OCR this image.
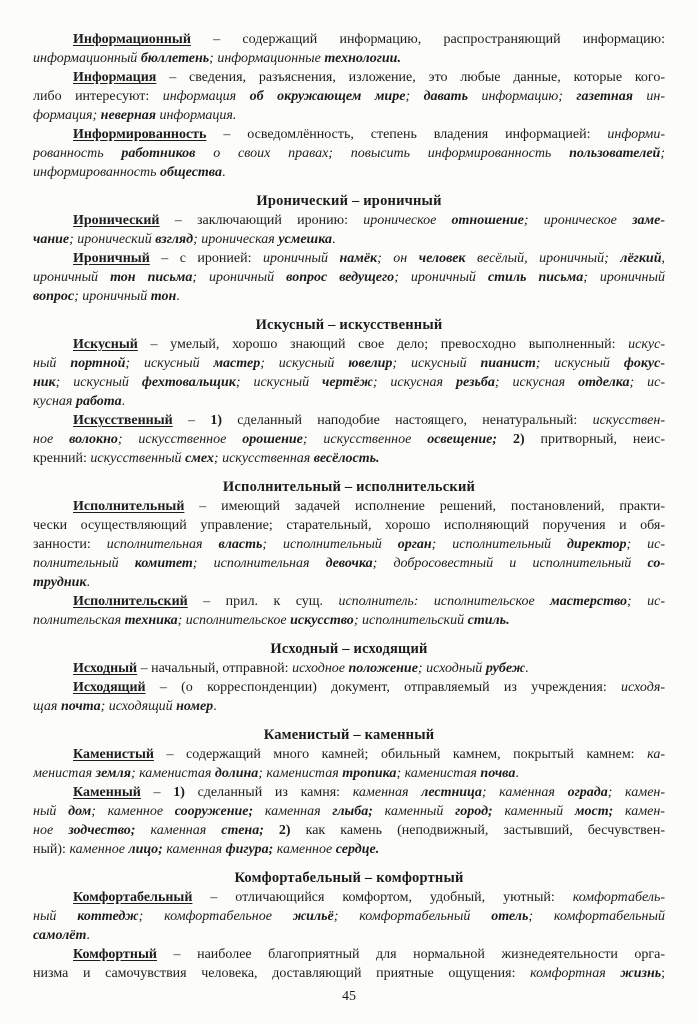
Информационный – содержащий информацию, распространяющий информацию:
информационный бюллетень; информационные технологии.
Информация – сведения, разъяснения, изложение, это любые данные, которые кого-
либо интересуют: информация об окружающем мире; давать информацию; газетная ин-
формация; неверная информация.
Информированность – осведомлённость, степень владения информацией: информи-
рованность работников о своих правах; повысить информированность пользователей;
информированность общества.
Иронический – ироничный
Иронический – заключающий иронию: ироническое отношение; ироническое заме-
чание; иронический взгляд; ироническая усмешка.
Ироничный – с иронией: ироничный намёк; он человек весёлый, ироничный; лёгкий,
ироничный тон письма; ироничный вопрос ведущего; ироничный стиль письма; ироничный
вопрос; ироничный тон.
Искусный – искусственный
Искусный – умелый, хорошо знающий свое дело; превосходно выполненный: искус-
ный портной; искусный мастер; искусный ювелир; искусный пианист; искусный фокус-
ник; искусный фехтовальщик; искусный чертёж; искусная резьба; искусная отделка; ис-
кусная работа.
Искусственный – 1) сделанный наподобие настоящего, ненатуральный: искусствен-
ное волокно; искусственное орошение; искусственное освещение; 2) притворный, неис-
кренний: искусственный смех; искусственная весёлость.
Исполнительный – исполнительский
Исполнительный – имеющий задачей исполнение решений, постановлений, практи-
чески осуществляющий управление; старательный, хорошо исполняющий поручения и обя-
занности: исполнительная власть; исполнительный орган; исполнительный директор; ис-
полнительный комитет; исполнительная девочка; добросовестный и исполнительный со-
трудник.
Исполнительский – прил. к сущ. исполнитель: исполнительское мастерство; ис-
полнительская техника; исполнительское искусство; исполнительский стиль.
Исходный – исходящий
Исходный – начальный, отправной: исходное положение; исходный рубеж.
Исходящий – (о корреспонденции) документ, отправляемый из учреждения: исходя-
щая почта; исходящий номер.
Каменистый – каменный
Каменистый – содержащий много камней; обильный камнем, покрытый камнем: ка-
менистая земля; каменистая долина; каменистая тропика; каменистая почва.
Каменный – 1) сделанный из камня: каменная лестница; каменная ограда; камен-
ный дом; каменное сооружение; каменная глыба; каменный город; каменный мост; камен-
ное зодчество; каменная стена; 2) как камень (неподвижный, застывший, бесчувствен-
ный): каменное лицо; каменная фигура; каменное сердце.
Комфортабельный – комфортный
Комфортабельный – отличающийся комфортом, удобный, уютный: комфортабель-
ный коттедж; комфортабельное жильё; комфортабельный отель; комфортабельный
самолёт.
Комфортный – наиболее благоприятный для нормальной жизнедеятельности орга-
низма и самочувствия человека, доставляющий приятные ощущения: комфортная жизнь;
45
